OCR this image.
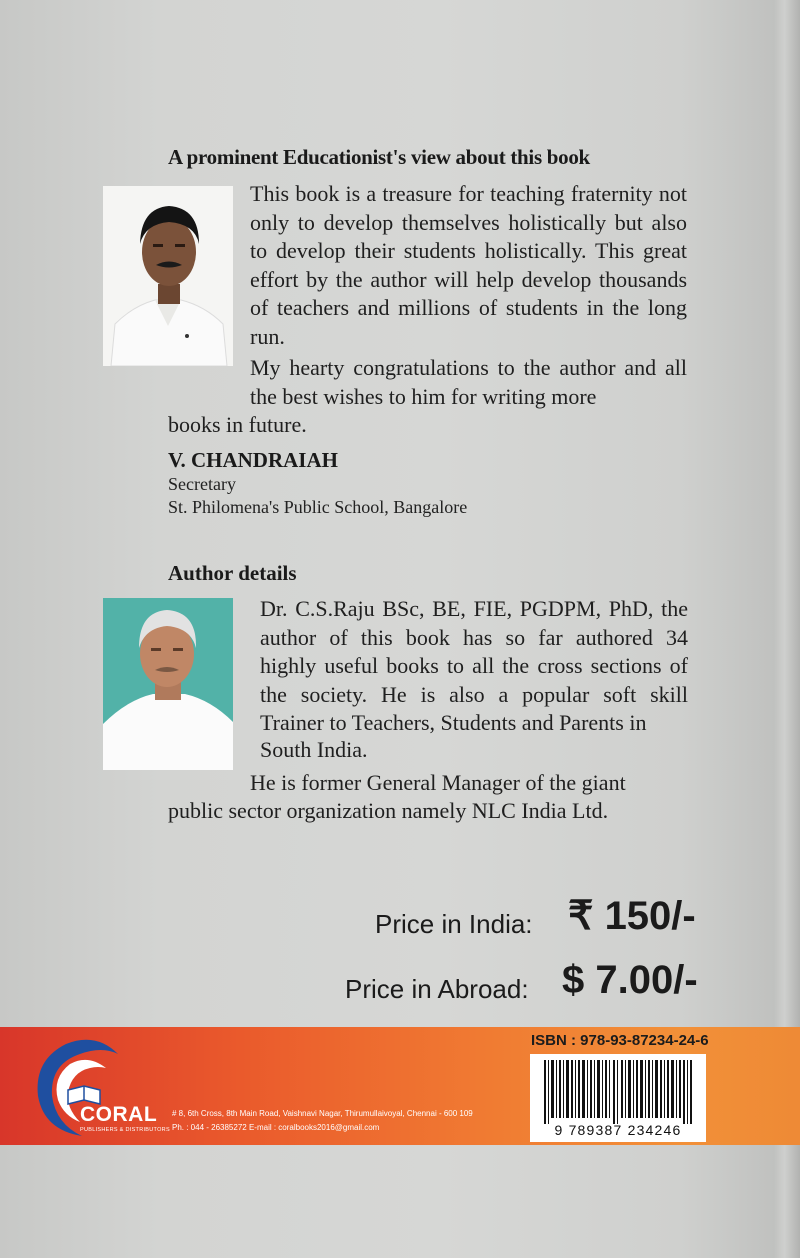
A prominent Educationist's view about this book

This book is a treasure for teaching fraternity not only to develop themselves holistically but also to develop their students holistically. This great effort by the author will help develop thousands of teachers and millions of students in the long run.

My hearty congratulations to the author and all the best wishes to him for writing more

books in future.

V. CHANDRAIAH
Secretary
St. Philomena's Public School, Bangalore
Author details

Dr. C.S.Raju BSc, BE, FIE, PGDPM, PhD, the author of this book has so far authored 34 highly useful books to all the cross sections of the society. He is also a popular soft skill Trainer to Teachers, Students and Parents in

South India.

He is former General Manager of the giant

public sector organization namely NLC India Ltd.
Price in India: ₹ 150/-
Price in Abroad: $ 7.00/-
CORAL
PUBLISHERS & DISTRIBUTORS
# 8, 6th Cross, 8th Main Road, Vaishnavi Nagar, Thirumullaivoyal, Chennai - 600 109
Ph. : 044 - 26385272 E-mail : coralbooks2016@gmail.com
ISBN : 978-93-87234-24-6
9 789387 234246
